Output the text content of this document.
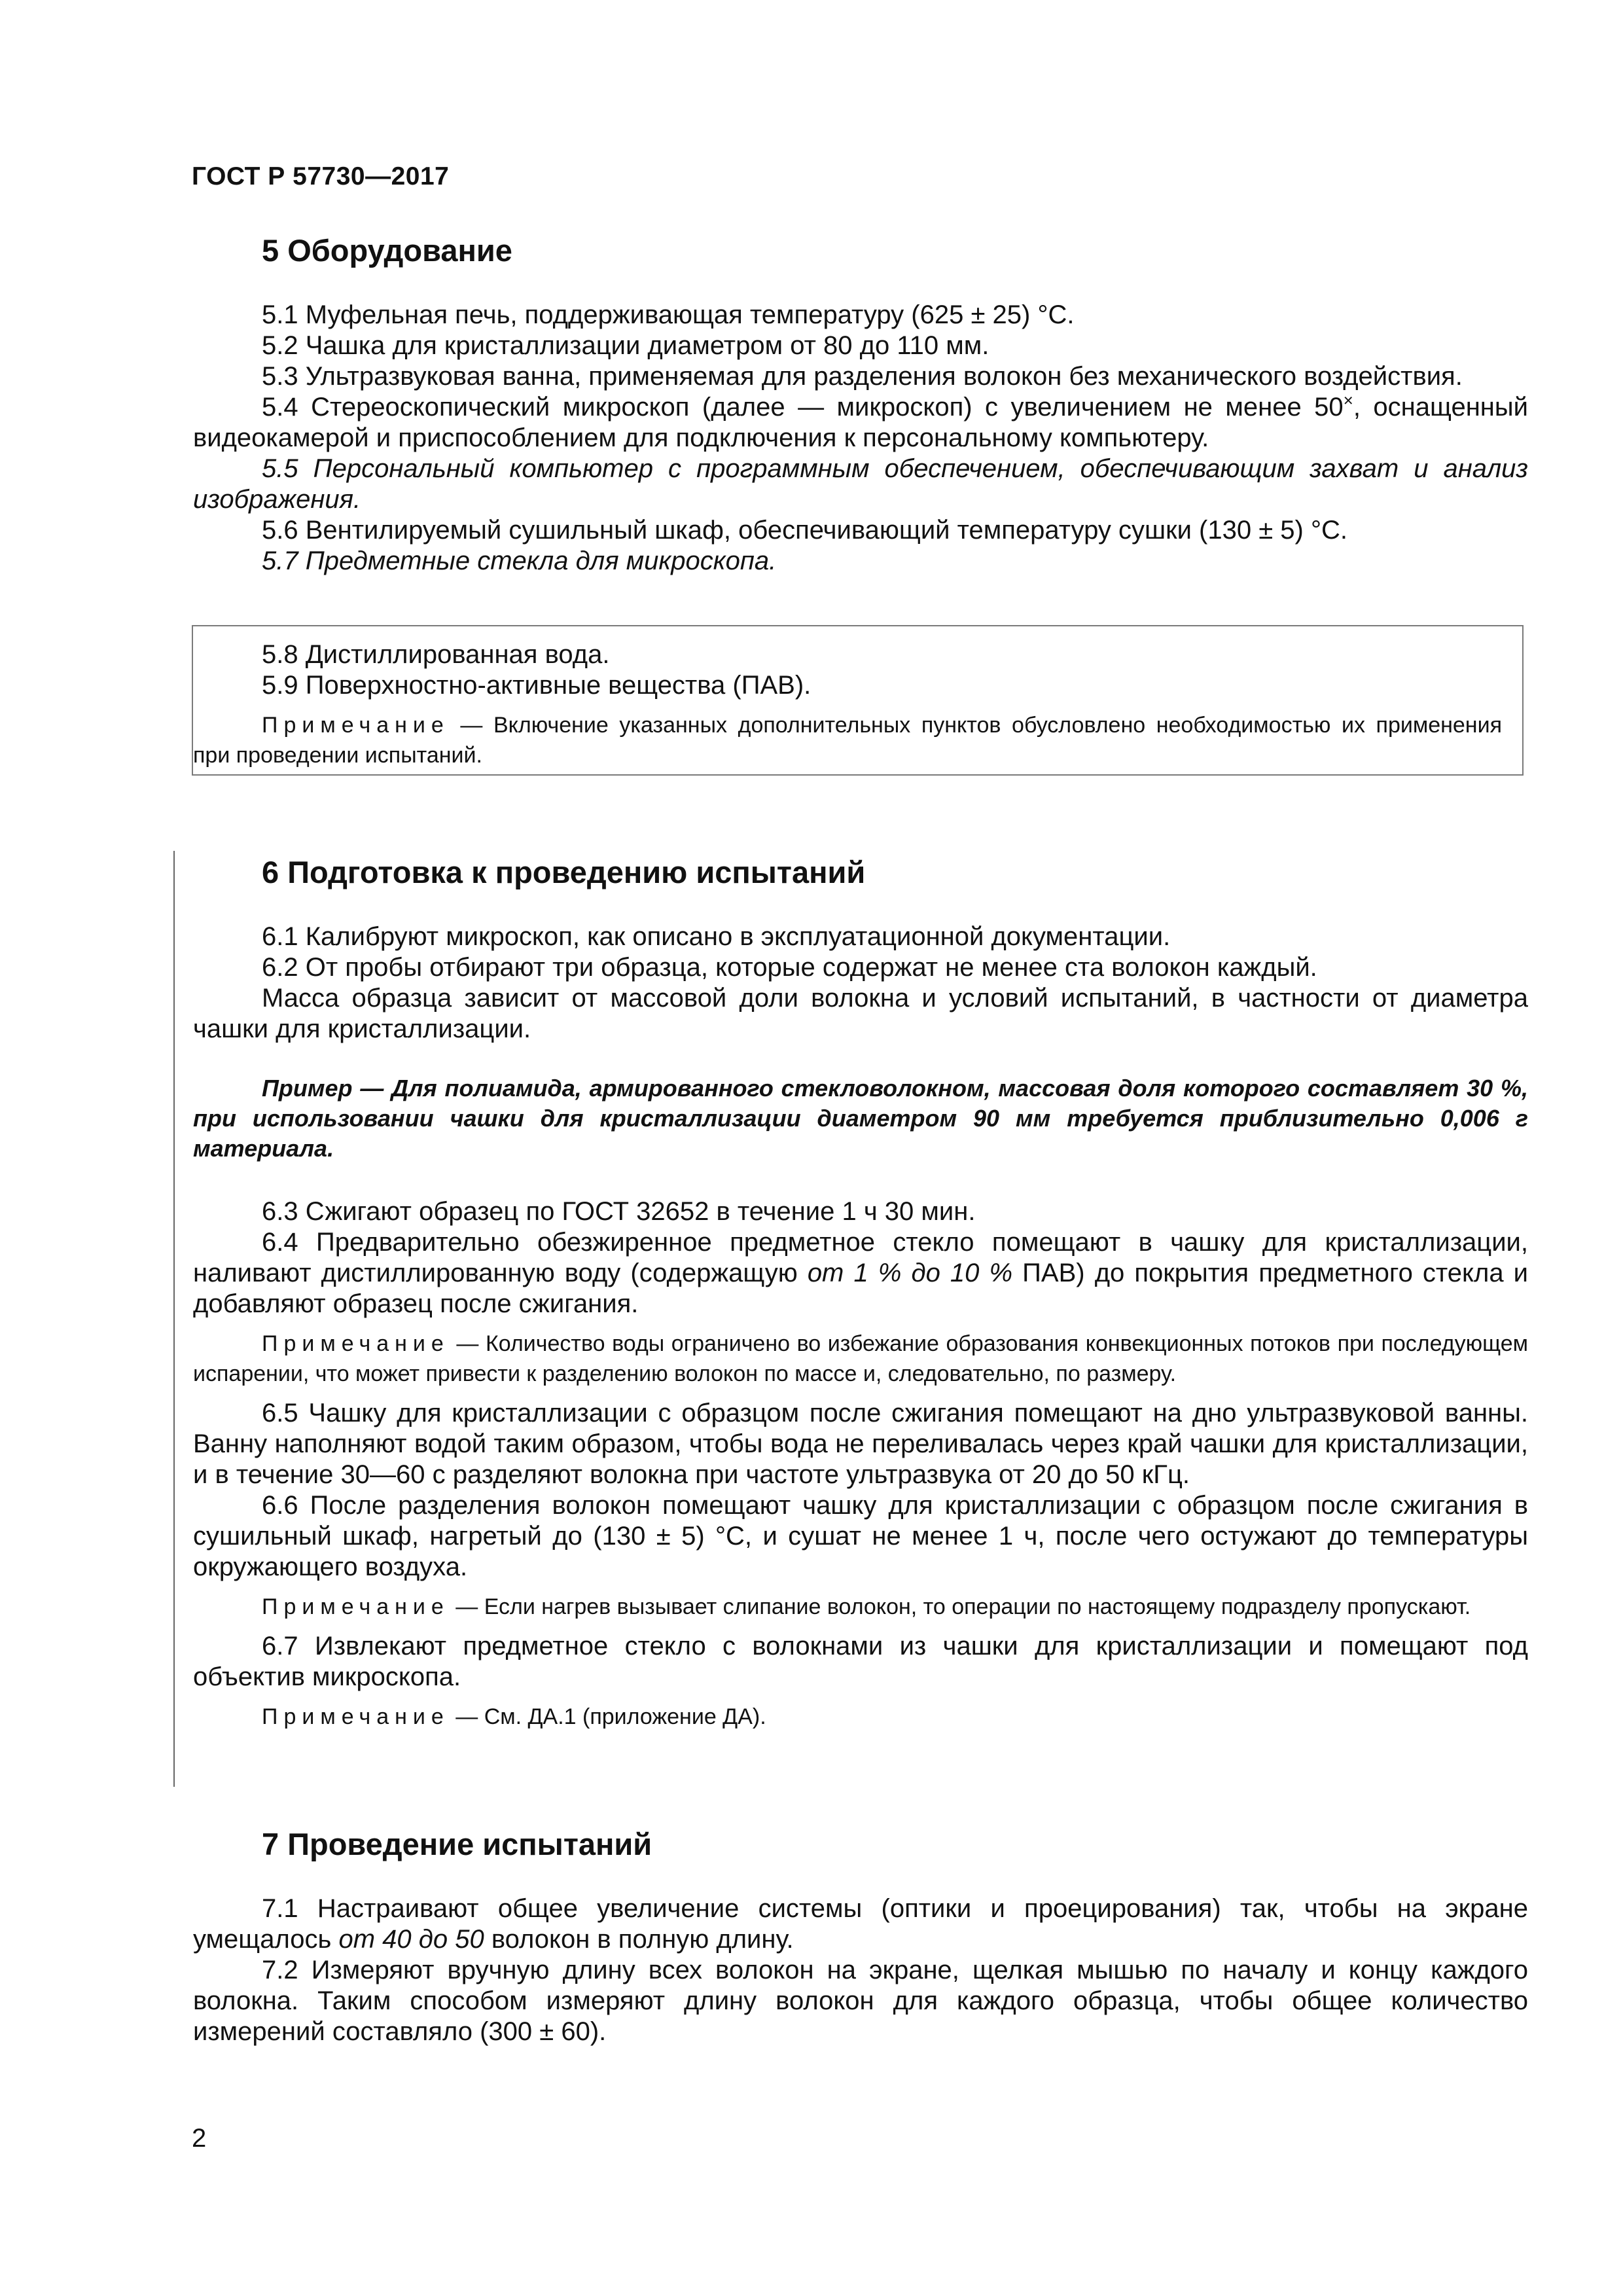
ГОСТ Р 57730—2017
5 Оборудование

5.1 Муфельная печь, поддерживающая температуру (625 ± 25) °С.

5.2 Чашка для кристаллизации диаметром от 80 до 110 мм.

5.3 Ультразвуковая ванна, применяемая для разделения волокон без механического воздействия.

5.4 Стереоскопический микроскоп (далее — микроскоп) с увеличением не менее 50×, оснащенный видеокамерой и приспособлением для подключения к персональному компьютеру.

5.5 Персональный компьютер с программным обеспечением, обеспечивающим захват и анализ изображения.

5.6 Вентилируемый сушильный шкаф, обеспечивающий температуру сушки (130 ± 5) °С.

5.7 Предметные стекла для микроскопа.

5.8 Дистиллированная вода.

5.9 Поверхностно-активные вещества (ПАВ).

Примечание — Включение указанных дополнительных пунктов обусловлено необходимостью их применения при проведении испытаний.

6 Подготовка к проведению испытаний

6.1 Калибруют микроскоп, как описано в эксплуатационной документации.

6.2 От пробы отбирают три образца, которые содержат не менее ста волокон каждый.

Масса образца зависит от массовой доли волокна и условий испытаний, в частности от диаметра чашки для кристаллизации.

Пример — Для полиамида, армированного стекловолокном, массовая доля которого составляет 30 %, при использовании чашки для кристаллизации диаметром 90 мм требуется приблизительно 0,006 г материала.

6.3 Сжигают образец по ГОСТ 32652 в течение 1 ч 30 мин.

6.4 Предварительно обезжиренное предметное стекло помещают в чашку для кристаллизации, наливают дистиллированную воду (содержащую от 1 % до 10 % ПАВ) до покрытия предметного стекла и добавляют образец после сжигания.

Примечание — Количество воды ограничено во избежание образования конвекционных потоков при последующем испарении, что может привести к разделению волокон по массе и, следовательно, по размеру.

6.5 Чашку для кристаллизации с образцом после сжигания помещают на дно ультразвуковой ванны. Ванну наполняют водой таким образом, чтобы вода не переливалась через край чашки для кристаллизации, и в течение 30—60 с разделяют волокна при частоте ультразвука от 20 до 50 кГц.

6.6 После разделения волокон помещают чашку для кристаллизации с образцом после сжигания в сушильный шкаф, нагретый до (130 ± 5) °С, и сушат не менее 1 ч, после чего остужают до температуры окружающего воздуха.

Примечание — Если нагрев вызывает слипание волокон, то операции по настоящему подразделу пропускают.

6.7 Извлекают предметное стекло с волокнами из чашки для кристаллизации и помещают под объектив микроскопа.

Примечание — См. ДА.1 (приложение ДА).

7 Проведение испытаний

7.1 Настраивают общее увеличение системы (оптики и проецирования) так, чтобы на экране умещалось от 40 до 50 волокон в полную длину.

7.2 Измеряют вручную длину всех волокон на экране, щелкая мышью по началу и концу каждого волокна. Таким способом измеряют длину волокон для каждого образца, чтобы общее количество измерений составляло (300 ± 60).

2
